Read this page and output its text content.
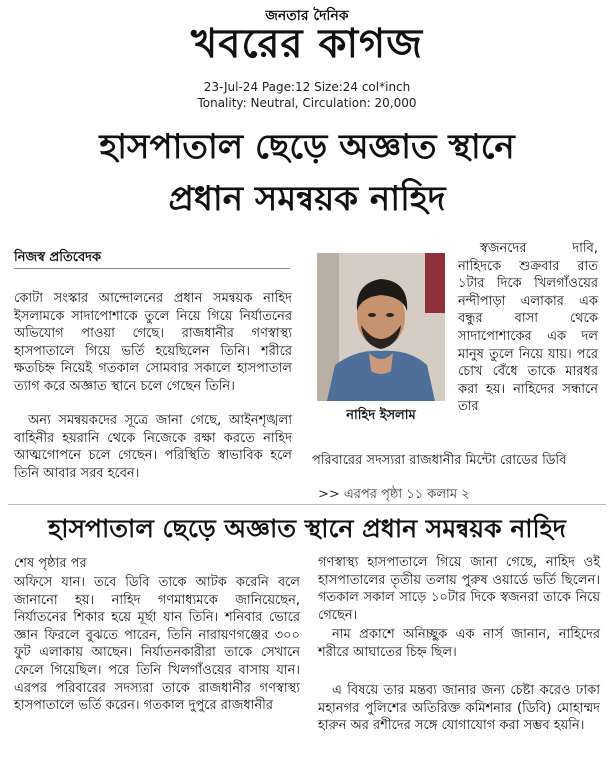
জনতার দৈনিক
খবরের কাগজ
23-Jul-24 Page:12 Size:24 col*inch
Tonality: Neutral, Circulation: 20,000
হাসপাতাল ছেড়ে অজ্ঞাত স্থানে
প্রধান সমন্বয়ক নাহিদ
নিজস্ব প্রতিবেদক
কোটা সংস্কার আন্দোলনের প্রধান সমন্বয়ক নাহিদ ইসলামকে সাদাপোশাকে তুলে নিয়ে গিয়ে নির্যাতনের অভিযোগ পাওয়া গেছে। রাজধানীর গণস্বাস্থ্য হাসপাতালে গিয়ে ভর্তি হয়েছিলেন তিনি। শরীরে ক্ষতচিহ্ন নিয়েই গতকাল সোমবার সকালে হাসপাতাল ত্যাগ করে অজ্ঞাত স্থানে চলে গেছেন তিনি।
অন্য সমন্বয়কদের সূত্রে জানা গেছে, আইনশৃঙ্খলা বাহিনীর হয়রানি থেকে নিজেকে রক্ষা করতে নাহিদ আত্মগোপনে চলে গেছেন। পরিস্থিতি স্বাভাবিক হলে তিনি আবার সরব হবেন।
নাহিদ ইসলাম
স্বজনদের দাবি, নাহিদকে শুক্রবার রাত ১টার দিকে খিলগাঁওয়ের নন্দীপাড়া এলাকার এক বন্ধুর বাসা থেকে সাদাপোশাকের এক দল মানুষ তুলে নিয়ে যায়। পরে চোখ বেঁধে তাকে মারধর করা হয়। নাহিদের সন্ধানে তার
পরিবারের সদস্যরা রাজধানীর মিন্টো রোডের ডিবি
>> এরপর পৃষ্ঠা ১১ কলাম ২
হাসপাতাল ছেড়ে অজ্ঞাত স্থানে প্রধান সমন্বয়ক নাহিদ
শেষ পৃষ্ঠার পর
অফিসে যান। তবে ডিবি তাকে আটক করেনি বলে জানানো হয়। নাহিদ গণমাধ্যমকে জানিয়েছেন, নির্যাতনের শিকার হয়ে মূর্ছা যান তিনি। শনিবার ভোরে জ্ঞান ফিরলে বুঝতে পারেন, তিনি নারায়ণগঞ্জের ৩০০ ফুট এলাকায় আছেন। নির্যাতনকারীরা তাকে সেখানে ফেলে গিয়েছিল। পরে তিনি খিলগাঁওয়ের বাসায় যান। এরপর পরিবারের সদস্যরা তাকে রাজধানীর গণস্বাস্থ্য হাসপাতালে ভর্তি করেন। গতকাল দুপুরে রাজধানীর
গণস্বাস্থ্য হাসপাতালে গিয়ে জানা গেছে, নাহিদ ওই হাসপাতালের তৃতীয় তলায় পুরুষ ওয়ার্ডে ভর্তি ছিলেন। গতকাল সকাল সাড়ে ১০টার দিকে স্বজনরা তাকে নিয়ে গেছেন।
নাম প্রকাশে অনিচ্ছুক এক নার্স জানান, নাহিদের শরীরে আঘাতের চিহ্ন ছিল।
এ বিষয়ে তার মন্তব্য জানার জন্য চেষ্টা করেও ঢাকা মহানগর পুলিশের অতিরিক্ত কমিশনার (ডিবি) মোহাম্মদ হারুন অর রশীদের সঙ্গে যোগাযোগ করা সম্ভব হয়নি।
